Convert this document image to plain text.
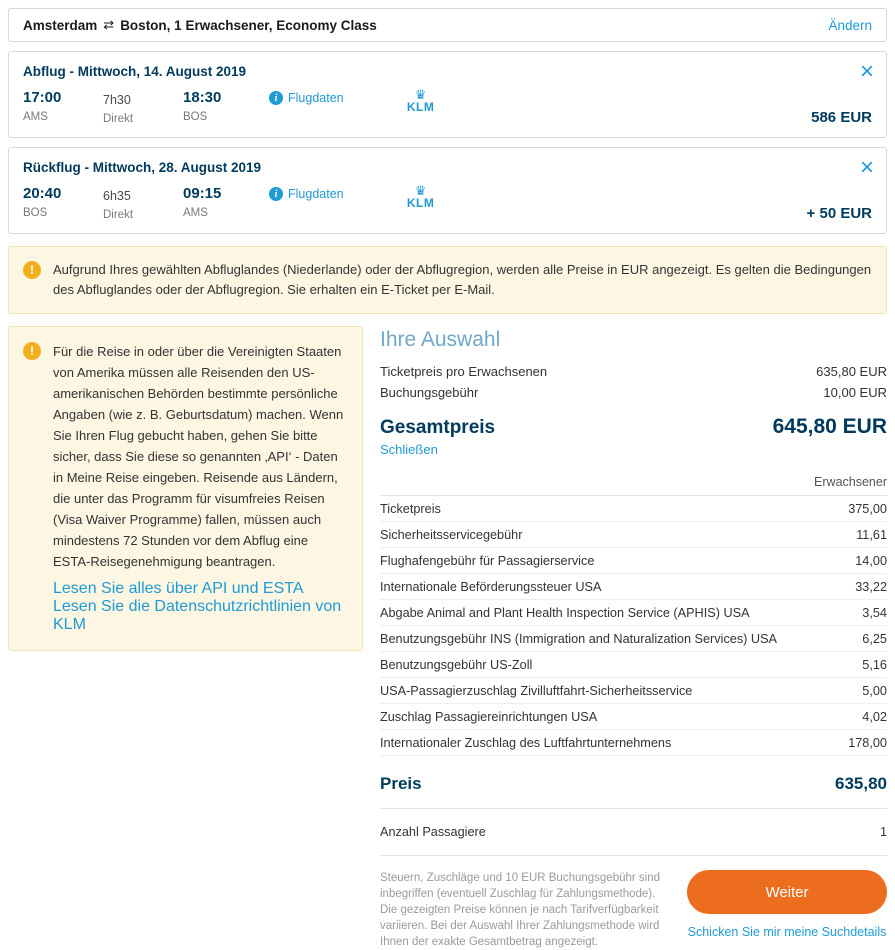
Amsterdam ⇄ Boston, 1 Erwachsener, Economy Class	Ändern
×
Abflug - Mittwoch, 14. August 2019
17:00
AMS
7h30
Direkt
18:30
BOS
i Flugdaten	♛
KLM
586 EUR
×
Rückflug - Mittwoch, 28. August 2019
20:40
BOS
6h35
Direkt
09:15
AMS
i Flugdaten	♛
KLM
+ 50 EUR
!	Aufgrund Ihres gewählten Abfluglandes (Niederlande) oder der Abflugregion, werden alle Preise in EUR angezeigt. Es gelten die Bedingungen des Abfluglandes oder der Abflugregion. Sie erhalten ein E-Ticket per E-Mail.
!	Für die Reise in oder über die Vereinigten Staaten von Amerika müssen alle Reisenden den US-amerikanischen Behörden bestimmte persönliche Angaben (wie z. B. Geburtsdatum) machen. Wenn Sie Ihren Flug gebucht haben, gehen Sie bitte sicher, dass Sie diese so genannten ‚API‘ - Daten in Meine Reise eingeben. Reisende aus Ländern, die unter das Programm für visumfreies Reisen (Visa Waiver Programme) fallen, müssen auch mindestens 72 Stunden vor dem Abflug eine ESTA-Reisegenehmigung beantragen.
Lesen Sie alles über API und ESTA
Lesen Sie die Datenschutzrichtlinien von KLM
Ihre Auswahl
Ticketpreis pro Erwachsenen	635,80 EUR
Buchungsgebühr	10,00 EUR
Gesamtpreis	645,80 EUR
Schließen
Erwachsener
Ticketpreis	375,00
Sicherheitsservicegebühr	11,61
Flughafengebühr für Passagierservice	14,00
Internationale Beförderungssteuer USA	33,22
Abgabe Animal and Plant Health Inspection Service (APHIS) USA	3,54
Benutzungsgebühr INS (Immigration and Naturalization Services) USA	6,25
Benutzungsgebühr US-Zoll	5,16
USA-Passagierzuschlag Zivilluftfahrt-Sicherheitsservice	5,00
Zuschlag Passagiereinrichtungen USA	4,02
Internationaler Zuschlag des Luftfahrtunternehmens	178,00
Preis	635,80
Anzahl Passagiere	1
Steuern, Zuschläge und 10 EUR Buchungsgebühr sind inbegriffen (eventuell Zuschlag für Zahlungsmethode). Die gezeigten Preise können je nach Tarifverfügbarkeit variieren. Bei der Auswahl Ihrer Zahlungsmethode wird Ihnen der exakte Gesamtbetrag angezeigt.
Weiter
Schicken Sie mir meine Suchdetails
